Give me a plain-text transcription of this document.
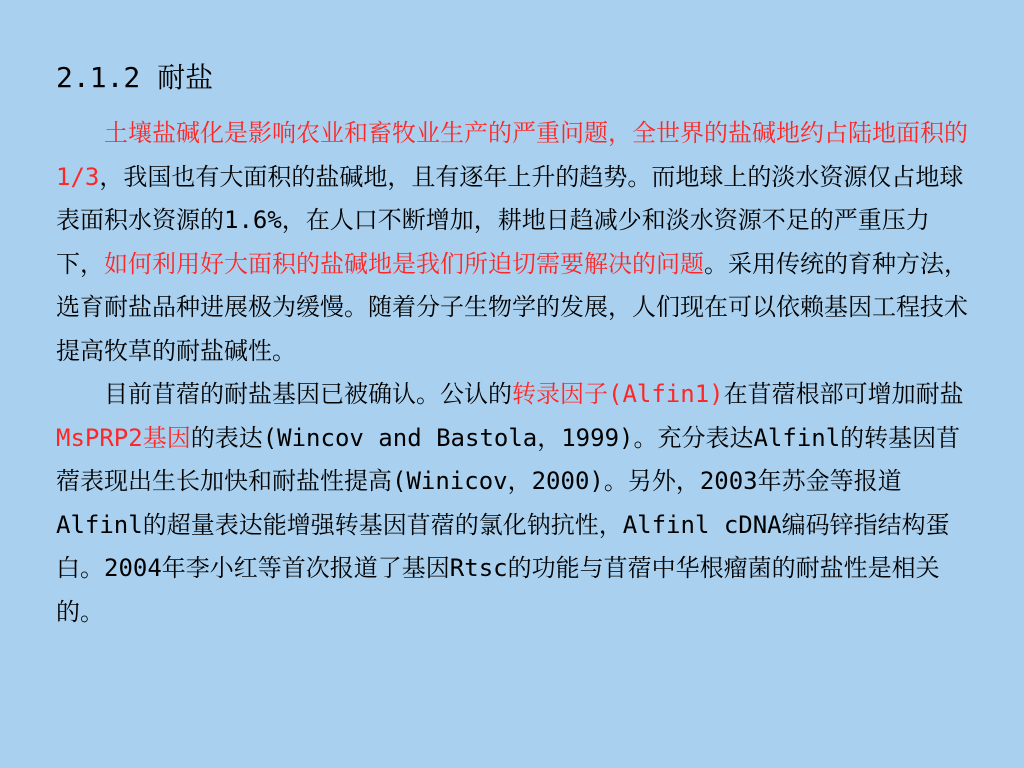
2.1.2 耐盐

土壤盐碱化是影响农业和畜牧业生产的严重问题，全世界的盐碱地约占陆地面积的1/3，我国也有大面积的盐碱地，且有逐年上升的趋势。而地球上的淡水资源仅占地球表面积水资源的1.6%，在人口不断增加，耕地日趋减少和淡水资源不足的严重压力下，如何利用好大面积的盐碱地是我们所迫切需要解决的问题。采用传统的育种方法，选育耐盐品种进展极为缓慢。随着分子生物学的发展，人们现在可以依赖基因工程技术提高牧草的耐盐碱性。

目前苜蓿的耐盐基因已被确认。公认的转录因子(Alfin1)在苜蓿根部可增加耐盐MsPRP2基因的表达(Wincov and Bastola，1999)。充分表达Alfinl的转基因苜蓿表现出生长加快和耐盐性提高(Winicov，2000)。另外，2003年苏金等报道Alfinl的超量表达能增强转基因苜蓿的氯化钠抗性，Alfinl cDNA编码锌指结构蛋白。2004年李小红等首次报道了基因Rtsc的功能与苜蓿中华根瘤菌的耐盐性是相关的。
